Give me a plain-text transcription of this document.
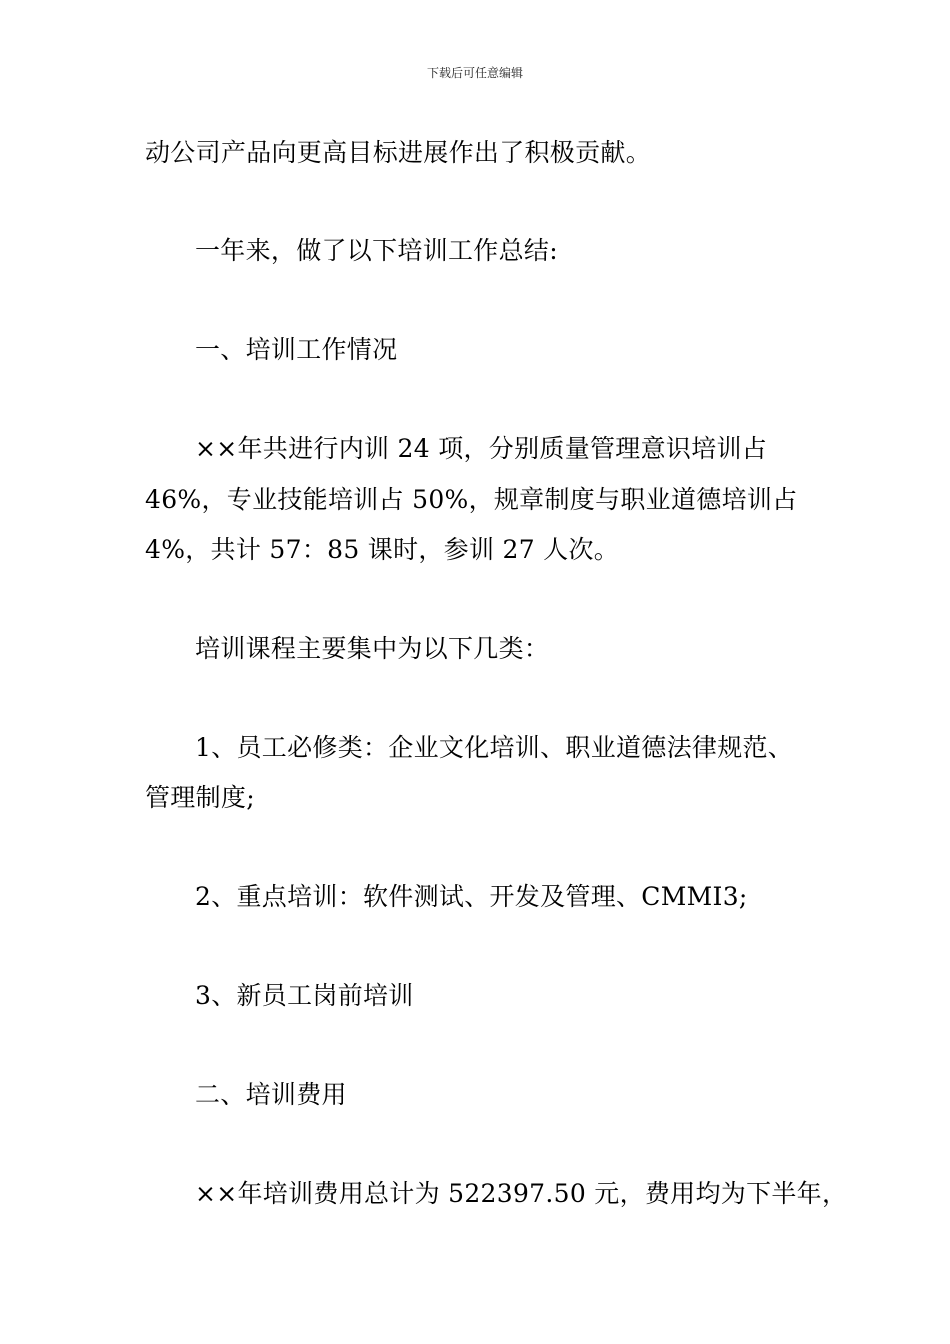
下载后可任意编辑
动公司产品向更高目标进展作出了积极贡献。
一年来，做了以下培训工作总结:
一、培训工作情况
××年共进行内训 24 项，分别质量管理意识培训占
46%，专业技能培训占 50%，规章制度与职业道德培训占
4%，共计 57：85 课时，参训 27 人次。
培训课程主要集中为以下几类：
1、员工必修类：企业文化培训、职业道德法律规范、
管理制度;
2、重点培训：软件测试、开发及管理、CMMI3;
3、新员工岗前培训
二、培训费用
××年培训费用总计为 522397.50 元，费用均为下半年，
